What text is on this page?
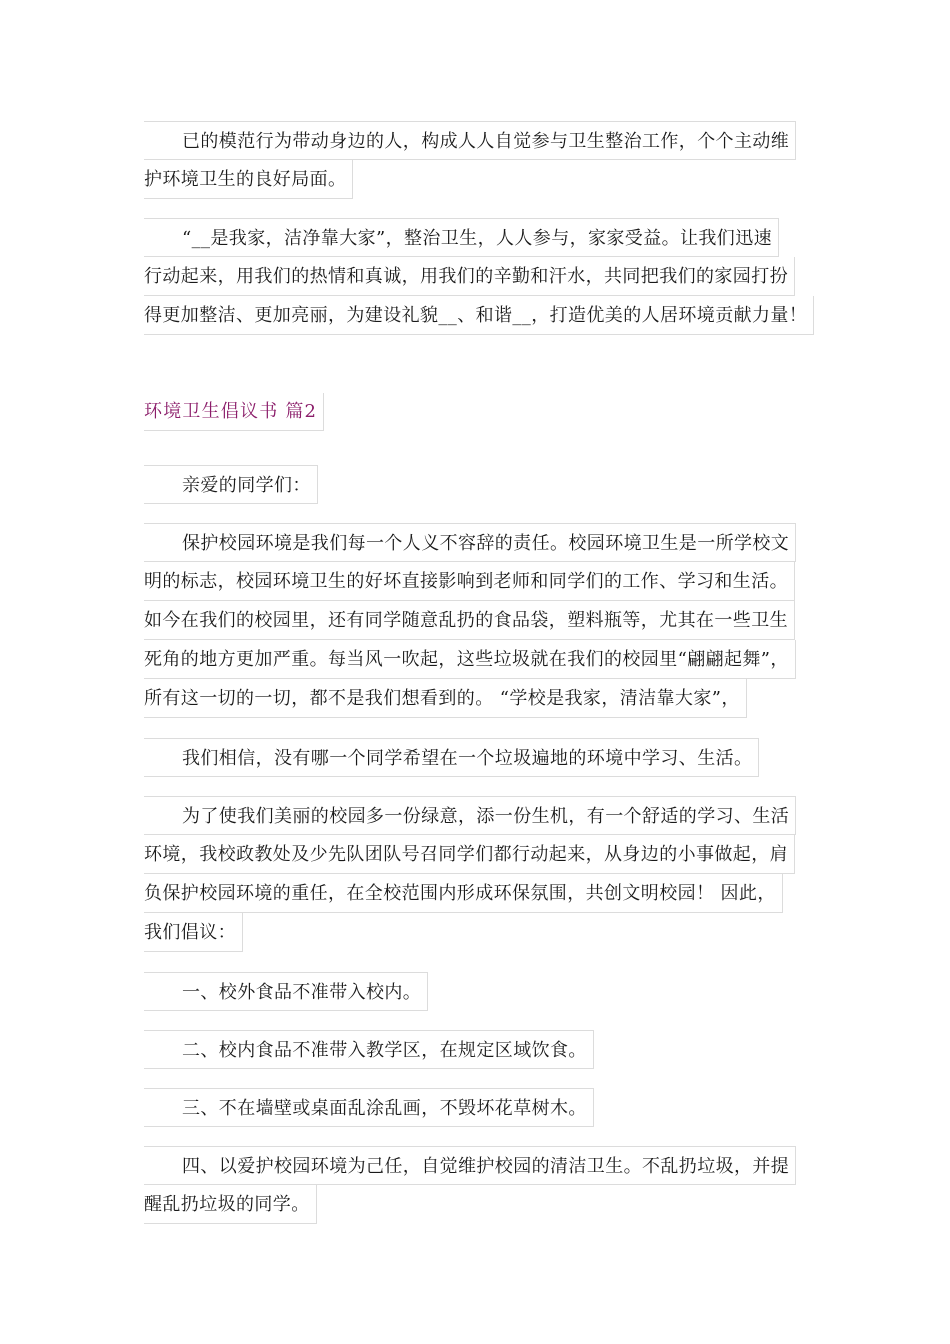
已的模范行为带动身边的人，构成人人自觉参与卫生整治工作，个个主动维
护环境卫生的良好局面。
“__是我家，洁净靠大家”，整治卫生，人人参与，家家受益。让我们迅速
行动起来，用我们的热情和真诚，用我们的辛勤和汗水，共同把我们的家园打扮
得更加整洁、更加亮丽，为建设礼貌__、和谐__，打造优美的人居环境贡献力量！
环境卫生倡议书 篇2
亲爱的同学们：
保护校园环境是我们每一个人义不容辞的责任。校园环境卫生是一所学校文
明的标志，校园环境卫生的好坏直接影响到老师和同学们的工作、学习和生活。
如今在我们的校园里，还有同学随意乱扔的食品袋，塑料瓶等，尤其在一些卫生
死角的地方更加严重。每当风一吹起，这些垃圾就在我们的校园里“翩翩起舞”，
所有这一切的一切，都不是我们想看到的。 “学校是我家，清洁靠大家”，
我们相信，没有哪一个同学希望在一个垃圾遍地的环境中学习、生活。
为了使我们美丽的校园多一份绿意，添一份生机，有一个舒适的学习、生活
环境，我校政教处及少先队团队号召同学们都行动起来，从身边的小事做起，肩
负保护校园环境的重任，在全校范围内形成环保氛围，共创文明校园！ 因此，
我们倡议：
一、校外食品不准带入校内。
二、校内食品不准带入教学区，在规定区域饮食。
三、不在墙壁或桌面乱涂乱画，不毁坏花草树木。
四、以爱护校园环境为己任，自觉维护校园的清洁卫生。不乱扔垃圾，并提
醒乱扔垃圾的同学。
